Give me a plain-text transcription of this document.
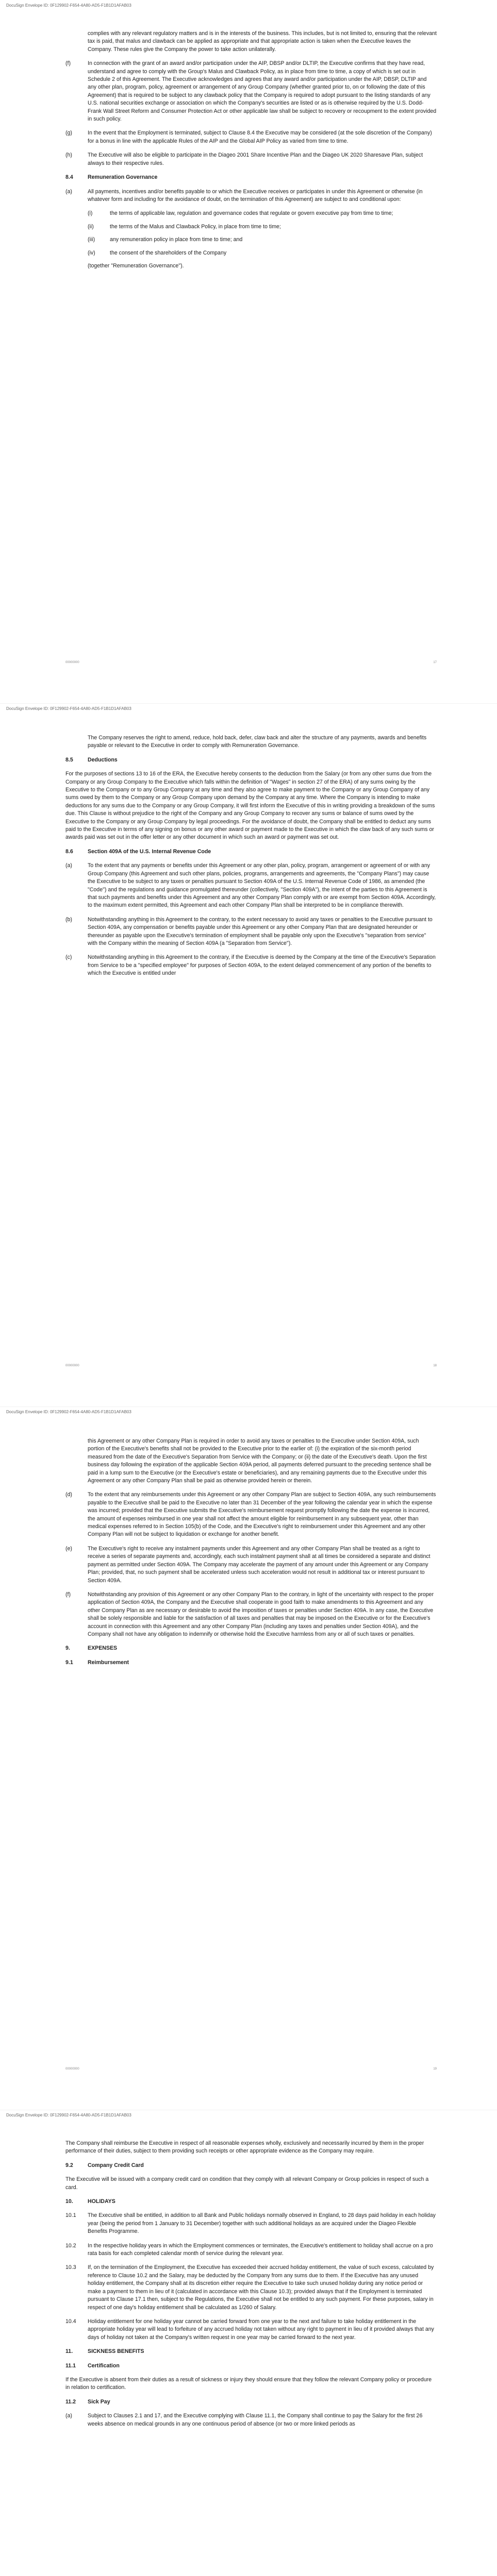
DocuSign Envelope ID: 0F129902-F654-4A80-AD5-F1B1D1AFAB03

complies with any relevant regulatory matters and is in the interests of the business. This includes, but is not limited to, ensuring that the relevant tax is paid, that malus and clawback can be applied as appropriate and that appropriate action is taken when the Executive leaves the Company. These rules give the Company the power to take action unilaterally.

(f)	In connection with the grant of an award and/or participation under the AIP, DBSP and/or DLTIP, the Executive confirms that they have read, understand and agree to comply with the Group's Malus and Clawback Policy, as in place from time to time, a copy of which is set out in Schedule 2 of this Agreement. The Executive acknowledges and agrees that any award and/or participation under the AIP, DBSP, DLTIP and any other plan, program, policy, agreement or arrangement of any Group Company (whether granted prior to, on or following the date of this Agreement) that is required to be subject to any clawback policy that the Company is required to adopt pursuant to the listing standards of any U.S. national securities exchange or association on which the Company's securities are listed or as is otherwise required by the U.S. Dodd-Frank Wall Street Reform and Consumer Protection Act or other applicable law shall be subject to recovery or recoupment to the extent provided in such policy.
(g)	In the event that the Employment is terminated, subject to Clause 8.4 the Executive may be considered (at the sole discretion of the Company) for a bonus in line with the applicable Rules of the AIP and the Global AIP Policy as varied from time to time.
(h)	The Executive will also be eligible to participate in the Diageo 2001 Share Incentive Plan and the Diageo UK 2020 Sharesave Plan, subject always to their respective rules.
8.4	Remuneration Governance
(a)	All payments, incentives and/or benefits payable to or which the Executive receives or participates in under this Agreement or otherwise (in whatever form and including for the avoidance of doubt, on the termination of this Agreement) are subject to and conditional upon:
(i)	the terms of applicable law, regulation and governance codes that regulate or govern executive pay from time to time;
(ii)	the terms of the Malus and Clawback Policy, in place from time to time;
(iii)	any remuneration policy in place from time to time; and
(iv)	the consent of the shareholders of the Company

(together "Remuneration Governance").

00000000	17
DocuSign Envelope ID: 0F129902-F654-4A80-AD5-F1B1D1AFAB03

The Company reserves the right to amend, reduce, hold back, defer, claw back and alter the structure of any payments, awards and benefits payable or relevant to the Executive in order to comply with Remuneration Governance.

8.5	Deductions

For the purposes of sections 13 to 16 of the ERA, the Executive hereby consents to the deduction from the Salary (or from any other sums due from the Company or any Group Company to the Executive which falls within the definition of "Wages" in section 27 of the ERA) of any sums owing by the Executive to the Company or to any Group Company at any time and they also agree to make payment to the Company or any Group Company of any sums owed by them to the Company or any Group Company upon demand by the Company at any time. Where the Company is intending to make deductions for any sums due to the Company or any Group Company, it will first inform the Executive of this in writing providing a breakdown of the sums due. This Clause is without prejudice to the right of the Company and any Group Company to recover any sums or balance of sums owed by the Executive to the Company or any Group Company by legal proceedings. For the avoidance of doubt, the Company shall be entitled to deduct any sums paid to the Executive in terms of any signing on bonus or any other award or payment made to the Executive in which the claw back of any such sums or awards paid was set out in the offer letter or any other document in which such an award or payment was set out.

8.6	Section 409A of the U.S. Internal Revenue Code
(a)	To the extent that any payments or benefits under this Agreement or any other plan, policy, program, arrangement or agreement of or with any Group Company (this Agreement and such other plans, policies, programs, arrangements and agreements, the "Company Plans") may cause the Executive to be subject to any taxes or penalties pursuant to Section 409A of the U.S. Internal Revenue Code of 1986, as amended (the "Code") and the regulations and guidance promulgated thereunder (collectively, "Section 409A"), the intent of the parties to this Agreement is that such payments and benefits under this Agreement and any other Company Plan comply with or are exempt from Section 409A. Accordingly, to the maximum extent permitted, this Agreement and each other Company Plan shall be interpreted to be in compliance therewith.
(b)	Notwithstanding anything in this Agreement to the contrary, to the extent necessary to avoid any taxes or penalties to the Executive pursuant to Section 409A, any compensation or benefits payable under this Agreement or any other Company Plan that are designated hereunder or thereunder as payable upon the Executive's termination of employment shall be payable only upon the Executive's "separation from service" with the Company within the meaning of Section 409A (a "Separation from Service").
(c)	Notwithstanding anything in this Agreement to the contrary, if the Executive is deemed by the Company at the time of the Executive's Separation from Service to be a "specified employee" for purposes of Section 409A, to the extent delayed commencement of any portion of the benefits to which the Executive is entitled under
00000000	18
DocuSign Envelope ID: 0F129902-F654-4A80-AD5-F1B1D1AFAB03

this Agreement or any other Company Plan is required in order to avoid any taxes or penalties to the Executive under Section 409A, such portion of the Executive's benefits shall not be provided to the Executive prior to the earlier of: (i) the expiration of the six-month period measured from the date of the Executive's Separation from Service with the Company; or (ii) the date of the Executive's death. Upon the first business day following the expiration of the applicable Section 409A period, all payments deferred pursuant to the preceding sentence shall be paid in a lump sum to the Executive (or the Executive's estate or beneficiaries), and any remaining payments due to the Executive under this Agreement or any other Company Plan shall be paid as otherwise provided herein or therein.

(d)	To the extent that any reimbursements under this Agreement or any other Company Plan are subject to Section 409A, any such reimbursements payable to the Executive shall be paid to the Executive no later than 31 December of the year following the calendar year in which the expense was incurred; provided that the Executive submits the Executive's reimbursement request promptly following the date the expense is incurred, the amount of expenses reimbursed in one year shall not affect the amount eligible for reimbursement in any subsequent year, other than medical expenses referred to in Section 105(b) of the Code, and the Executive's right to reimbursement under this Agreement and any other Company Plan will not be subject to liquidation or exchange for another benefit.
(e)	The Executive's right to receive any instalment payments under this Agreement and any other Company Plan shall be treated as a right to receive a series of separate payments and, accordingly, each such instalment payment shall at all times be considered a separate and distinct payment as permitted under Section 409A. The Company may accelerate the payment of any amount under this Agreement or any Company Plan; provided, that, no such payment shall be accelerated unless such acceleration would not result in additional tax or interest pursuant to Section 409A.
(f)	Notwithstanding any provision of this Agreement or any other Company Plan to the contrary, in light of the uncertainty with respect to the proper application of Section 409A, the Company and the Executive shall cooperate in good faith to make amendments to this Agreement and any other Company Plan as are necessary or desirable to avoid the imposition of taxes or penalties under Section 409A. In any case, the Executive shall be solely responsible and liable for the satisfaction of all taxes and penalties that may be imposed on the Executive or for the Executive's account in connection with this Agreement and any other Company Plan (including any taxes and penalties under Section 409A), and the Company shall not have any obligation to indemnify or otherwise hold the Executive harmless from any or all of such taxes or penalties.
9.	EXPENSES
9.1	Reimbursement
00000000	19
DocuSign Envelope ID: 0F129902-F654-4A80-AD5-F1B1D1AFAB03

The Company shall reimburse the Executive in respect of all reasonable expenses wholly, exclusively and necessarily incurred by them in the proper performance of their duties, subject to them providing such receipts or other appropriate evidence as the Company may require.

9.2	Company Credit Card

The Executive will be issued with a company credit card on condition that they comply with all relevant Company or Group policies in respect of such a card.

10.	HOLIDAYS
10.1 The Executive shall be entitled, in addition to all Bank and Public holidays normally observed in England, to 28 days paid holiday in each holiday year (being the period from 1 January to 31 December) together with such additional holidays as are acquired under the Diageo Flexible Benefits Programme.
10.2 In the respective holiday years in which the Employment commences or terminates, the Executive's entitlement to holiday shall accrue on a pro rata basis for each completed calendar month of service during the relevant year.
10.3 If, on the termination of the Employment, the Executive has exceeded their accrued holiday entitlement, the value of such excess, calculated by reference to Clause 10.2 and the Salary, may be deducted by the Company from any sums due to them. If the Executive has any unused holiday entitlement, the Company shall at its discretion either require the Executive to take such unused holiday during any notice period or make a payment to them in lieu of it (calculated in accordance with this Clause 10.3); provided always that if the Employment is terminated pursuant to Clause 17.1 then, subject to the Regulations, the Executive shall not be entitled to any such payment. For these purposes, salary in respect of one day's holiday entitlement shall be calculated as 1/260 of Salary.
10.4 Holiday entitlement for one holiday year cannot be carried forward from one year to the next and failure to take holiday entitlement in the appropriate holiday year will lead to forfeiture of any accrued holiday not taken without any right to payment in lieu of it provided always that any days of holiday not taken at the Company's written request in one year may be carried forward to the next year.
11.	SICKNESS BENEFITS
11.1 Certification

If the Executive is absent from their duties as a result of sickness or injury they should ensure that they follow the relevant Company policy or procedure in relation to certification.

11.2 Sick Pay
(a)	Subject to Clauses 2.1 and 17, and the Executive complying with Clause 11.1, the Company shall continue to pay the Salary for the first 26 weeks absence on medical grounds in any one continuous period of absence (or two or more linked periods as
